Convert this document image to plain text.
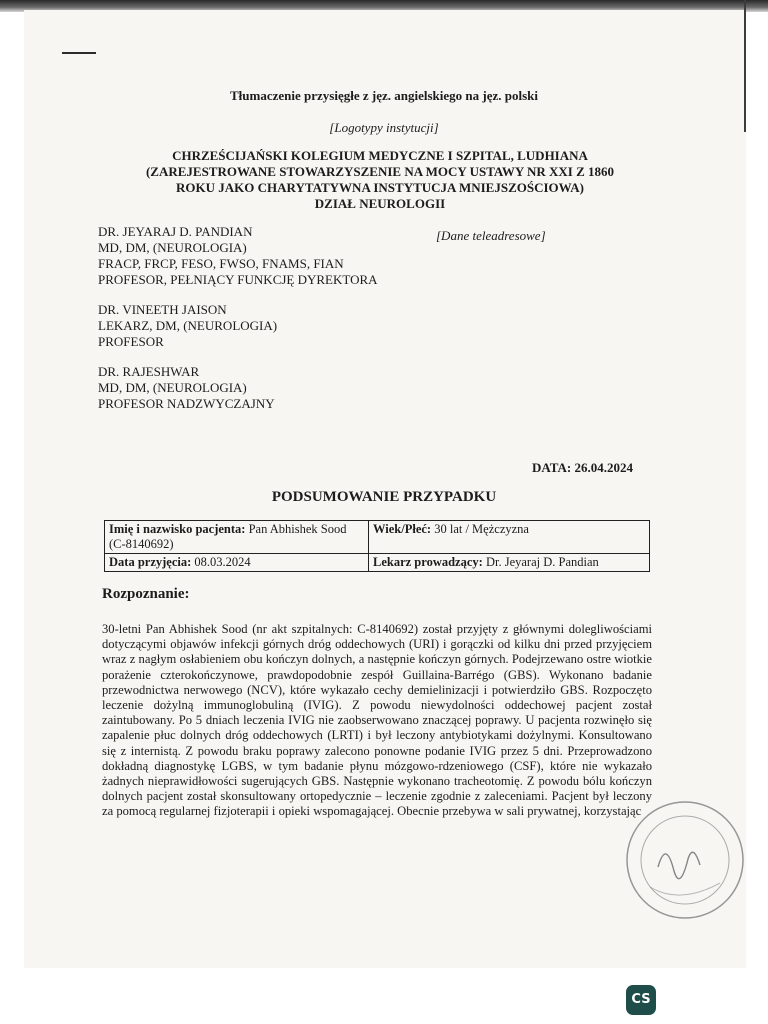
Tłumaczenie przysięgłe z jęz. angielskiego na jęz. polski
[Logotypy instytucji]
CHRZEŚCIJAŃSKI KOLEGIUM MEDYCZNE I SZPITAL, LUDHIANA
(ZAREJESTROWANE STOWARZYSZENIE NA MOCY USTAWY NR XXI Z 1860
ROKU JAKO CHARYTATYWNA INSTYTUCJA MNIEJSZOŚCIOWA)
DZIAŁ NEUROLOGII
DR. JEYARAJ D. PANDIAN
MD, DM, (NEUROLOGIA)
FRACP, FRCP, FESO, FWSO, FNAMS, FIAN
PROFESOR, PEŁNIĄCY FUNKCJĘ DYREKTORA
DR. VINEETH JAISON
LEKARZ, DM, (NEUROLOGIA)
PROFESOR
DR. RAJESHWAR
MD, DM, (NEUROLOGIA)
PROFESOR NADZWYCZAJNY
[Dane teleadresowe]
DATA: 26.04.2024
PODSUMOWANIE PRZYPADKU
Imię i nazwisko pacjenta: Pan Abhishek Sood (C-8140692)	Wiek/Płeć: 30 lat / Mężczyzna
Data przyjęcia: 08.03.2024	Lekarz prowadzący: Dr. Jeyaraj D. Pandian
Rozpoznanie:
30-letni Pan Abhishek Sood (nr akt szpitalnych: C-8140692) został przyjęty z głównymi dolegliwościami dotyczącymi objawów infekcji górnych dróg oddechowych (URI) i gorączki od kilku dni przed przyjęciem wraz z nagłym osłabieniem obu kończyn dolnych, a następnie kończyn górnych. Podejrzewano ostre wiotkie porażenie czterokończynowe, prawdopodobnie zespół Guillaina-Barrégo (GBS). Wykonano badanie przewodnictwa nerwowego (NCV), które wykazało cechy demielinizacji i potwierdziło GBS. Rozpoczęto leczenie dożylną immunoglobuliną (IVIG). Z powodu niewydolności oddechowej pacjent został zaintubowany. Po 5 dniach leczenia IVIG nie zaobserwowano znaczącej poprawy. U pacjenta rozwinęło się zapalenie płuc dolnych dróg oddechowych (LRTI) i był leczony antybiotykami dożylnymi. Konsultowano się z internistą. Z powodu braku poprawy zalecono ponowne podanie IVIG przez 5 dni. Przeprowadzono dokładną diagnostykę LGBS, w tym badanie płynu mózgowo-rdzeniowego (CSF), które nie wykazało żadnych nieprawidłowości sugerujących GBS. Następnie wykonano tracheotomię. Z powodu bólu kończyn dolnych pacjent został skonsultowany ortopedycznie – leczenie zgodnie z zaleceniami. Pacjent był leczony za pomocą regularnej fizjoterapii i opieki wspomagającej. Obecnie przebywa w sali prywatnej, korzystając
CS
